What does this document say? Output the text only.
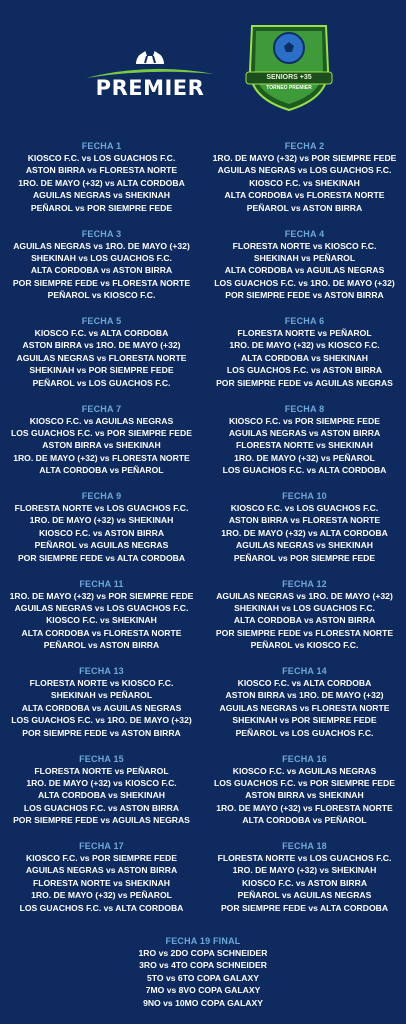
PREMIER	SENIORS +35
TORNEO PREMIER
FECHA 1
KIOSCO F.C. vs LOS GUACHOS F.C.
ASTON BIRRA vs FLORESTA NORTE
1RO. DE MAYO (+32) vs ALTA CORDOBA
AGUILAS NEGRAS vs SHEKINAH
PEÑAROL vs POR SIEMPRE FEDE
FECHA 2
1RO. DE MAYO (+32) vs POR SIEMPRE FEDE
AGUILAS NEGRAS vs LOS GUACHOS F.C.
KIOSCO F.C. vs SHEKINAH
ALTA CORDOBA vs FLORESTA NORTE
PEÑAROL vs ASTON BIRRA
FECHA 3
AGUILAS NEGRAS vs 1RO. DE MAYO (+32)
SHEKINAH vs LOS GUACHOS F.C.
ALTA CORDOBA vs ASTON BIRRA
POR SIEMPRE FEDE vs FLORESTA NORTE
PEÑAROL vs KIOSCO F.C.
FECHA 4
FLORESTA NORTE vs KIOSCO F.C.
SHEKINAH vs PEÑAROL
ALTA CORDOBA vs AGUILAS NEGRAS
LOS GUACHOS F.C. vs 1RO. DE MAYO (+32)
POR SIEMPRE FEDE vs ASTON BIRRA
FECHA 5
KIOSCO F.C. vs ALTA CORDOBA
ASTON BIRRA vs 1RO. DE MAYO (+32)
AGUILAS NEGRAS vs FLORESTA NORTE
SHEKINAH vs POR SIEMPRE FEDE
PEÑAROL vs LOS GUACHOS F.C.
FECHA 6
FLORESTA NORTE vs PEÑAROL
1RO. DE MAYO (+32) vs KIOSCO F.C.
ALTA CORDOBA vs SHEKINAH
LOS GUACHOS F.C. vs ASTON BIRRA
POR SIEMPRE FEDE vs AGUILAS NEGRAS
FECHA 7
KIOSCO F.C. vs AGUILAS NEGRAS
LOS GUACHOS F.C. vs POR SIEMPRE FEDE
ASTON BIRRA vs SHEKINAH
1RO. DE MAYO (+32) vs FLORESTA NORTE
ALTA CORDOBA vs PEÑAROL
FECHA 8
KIOSCO F.C. vs POR SIEMPRE FEDE
AGUILAS NEGRAS vs ASTON BIRRA
FLORESTA NORTE vs SHEKINAH
1RO. DE MAYO (+32) vs PEÑAROL
LOS GUACHOS F.C. vs ALTA CORDOBA
FECHA 9
FLORESTA NORTE vs LOS GUACHOS F.C.
1RO. DE MAYO (+32) vs SHEKINAH
KIOSCO F.C. vs ASTON BIRRA
PEÑAROL vs AGUILAS NEGRAS
POR SIEMPRE FEDE vs ALTA CORDOBA
FECHA 10
KIOSCO F.C. vs LOS GUACHOS F.C.
ASTON BIRRA vs FLORESTA NORTE
1RO. DE MAYO (+32) vs ALTA CORDOBA
AGUILAS NEGRAS vs SHEKINAH
PEÑAROL vs POR SIEMPRE FEDE
FECHA 11
1RO. DE MAYO (+32) vs POR SIEMPRE FEDE
AGUILAS NEGRAS vs LOS GUACHOS F.C.
KIOSCO F.C. vs SHEKINAH
ALTA CORDOBA vs FLORESTA NORTE
PEÑAROL vs ASTON BIRRA
FECHA 12
AGUILAS NEGRAS vs 1RO. DE MAYO (+32)
SHEKINAH vs LOS GUACHOS F.C.
ALTA CORDOBA vs ASTON BIRRA
POR SIEMPRE FEDE vs FLORESTA NORTE
PEÑAROL vs KIOSCO F.C.
FECHA 13
FLORESTA NORTE vs KIOSCO F.C.
SHEKINAH vs PEÑAROL
ALTA CORDOBA vs AGUILAS NEGRAS
LOS GUACHOS F.C. vs 1RO. DE MAYO (+32)
POR SIEMPRE FEDE vs ASTON BIRRA
FECHA 14
KIOSCO F.C. vs ALTA CORDOBA
ASTON BIRRA vs 1RO. DE MAYO (+32)
AGUILAS NEGRAS vs FLORESTA NORTE
SHEKINAH vs POR SIEMPRE FEDE
PEÑAROL vs LOS GUACHOS F.C.
FECHA 15
FLORESTA NORTE vs PEÑAROL
1RO. DE MAYO (+32) vs KIOSCO F.C.
ALTA CORDOBA vs SHEKINAH
LOS GUACHOS F.C. vs ASTON BIRRA
POR SIEMPRE FEDE vs AGUILAS NEGRAS
FECHA 16
KIOSCO F.C. vs AGUILAS NEGRAS
LOS GUACHOS F.C. vs POR SIEMPRE FEDE
ASTON BIRRA vs SHEKINAH
1RO. DE MAYO (+32) vs FLORESTA NORTE
ALTA CORDOBA vs PEÑAROL
FECHA 17
KIOSCO F.C. vs POR SIEMPRE FEDE
AGUILAS NEGRAS vs ASTON BIRRA
FLORESTA NORTE vs SHEKINAH
1RO. DE MAYO (+32) vs PEÑAROL
LOS GUACHOS F.C. vs ALTA CORDOBA
FECHA 18
FLORESTA NORTE vs LOS GUACHOS F.C.
1RO. DE MAYO (+32) vs SHEKINAH
KIOSCO F.C. vs ASTON BIRRA
PEÑAROL vs AGUILAS NEGRAS
POR SIEMPRE FEDE vs ALTA CORDOBA
FECHA 19 FINAL
1RO vs 2DO COPA SCHNEIDER
3RO vs 4TO COPA SCHNEIDER
5TO vs 6TO COPA GALAXY
7MO vs 8VO COPA GALAXY
9NO vs 10MO COPA GALAXY
